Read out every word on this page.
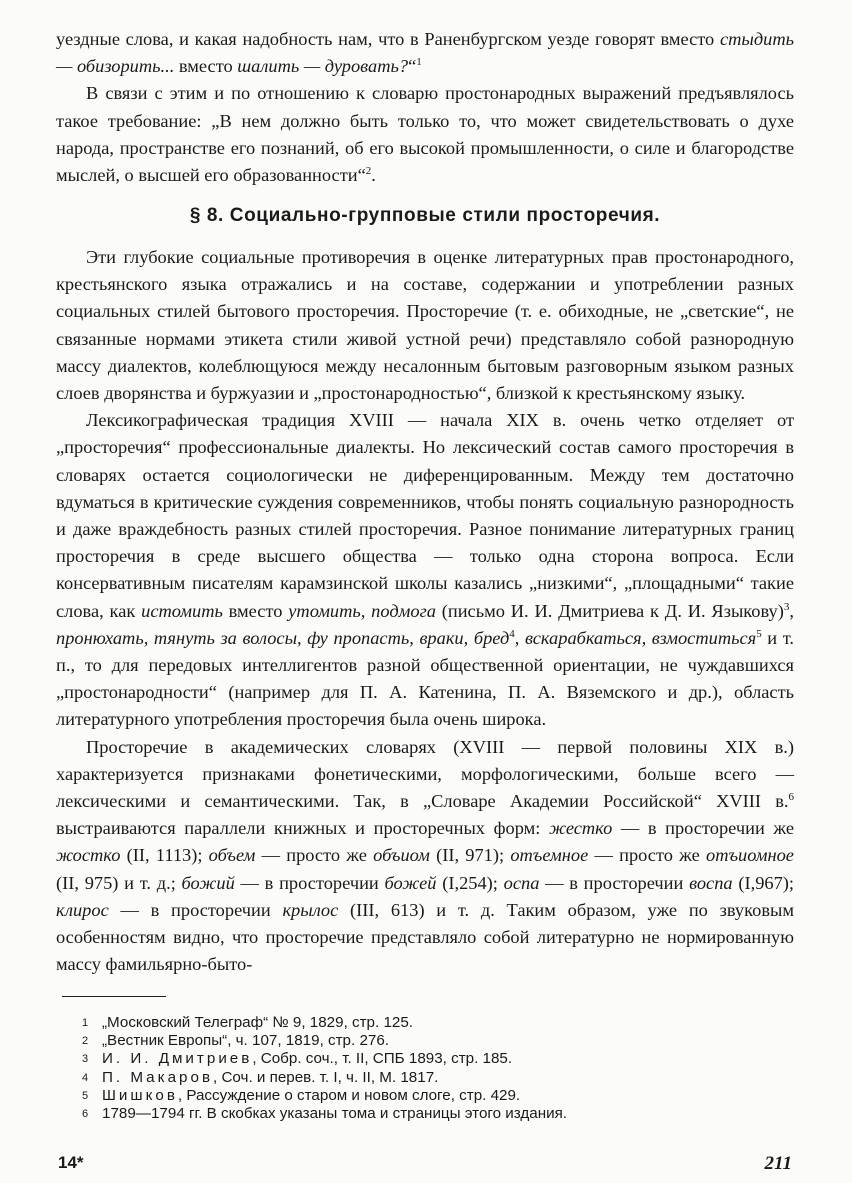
уездные слова, и какая надобность нам, что в Раненбургском уезде говорят вместо стыдить — обизорить... вместо шалить — дуровать?“$^1$

В связи с этим и по отношению к словарю простонародных выражений предъявлялось такое требование: „В нем должно быть только то, что может свидетельствовать о духе народа, пространстве его познаний, об его высокой промышленности, о силе и благородстве мыслей, о высшей его образованности“$^2$.

§ 8. Социально-групповые стили просторечия.

Эти глубокие социальные противоречия в оценке литературных прав простонародного, крестьянского языка отражались и на составе, содержании и употреблении разных социальных стилей бытового просторечия. Просторечие (т. е. обиходные, не „светские“, не связанные нормами этикета стили живой устной речи) представляло собой разнородную массу диалектов, колеблющуюся между несалонным бытовым разговорным языком разных слоев дворянства и буржуазии и „простонародностью“, близкой к крестьянскому языку.

Лексикографическая традиция XVIII — начала XIX в. очень четко отделяет от „просторечия“ профессиональные диалекты. Но лексический состав самого просторечия в словарях остается социологически не диференцированным. Между тем достаточно вдуматься в критические суждения современников, чтобы понять социальную разнородность и даже враждебность разных стилей просторечия. Разное понимание литературных границ просторечия в среде высшего общества — только одна сторона вопроса. Если консервативным писателям карамзинской школы казались „низкими“, „площадными“ такие слова, как истомить вместо утомить, подмога (письмо И. И. Дмитриева к Д. И. Языкову)$^3$, пронюхать, тянуть за волосы, фу пропасть, враки, бред$^4$, вскарабкаться, взмоститься$^5$ и т. п., то для передовых интеллигентов разной общественной ориентации, не чуждавшихся „простонародности“ (например для П. А. Катенина, П. А. Вяземского и др.), область литературного употребления просторечия была очень широка.

Просторечие в академических словарях (XVIII — первой половины XIX в.) характеризуется признаками фонетическими, морфологическими, больше всего — лексическими и семантическими. Так, в „Словаре Академии Российской“ XVIII в.$^6$ выстраиваются параллели книжных и просторечных форм: жестко — в просторечии же жостко (II, 1113); объем — просто же объиом (II, 971); отъемное — просто же отъиомное (II, 975) и т. д.; божий — в просторечии божей (I,254); оспа — в просторечии воспа (I,967); клирос — в просторечии крылос (III, 613) и т. д. Таким образом, уже по звуковым особенностям видно, что просторечие представляло собой литературно не нормированную массу фамильярно-быто-

1 „Московский Телеграф“ № 9, 1829, стр. 125.

2 „Вестник Европы“, ч. 107, 1819, стр. 276.

3 И. И. Дмитриев, Собр. соч., т. II, СПБ 1893, стр. 185.

4 П. Макаров, Соч. и перев. т. I, ч. II, М. 1817.

5 Шишков, Рассуждение о старом и новом слоге, стр. 429.

6 1789—1794 гг. В скобках указаны тома и страницы этого издания.

14*	211
